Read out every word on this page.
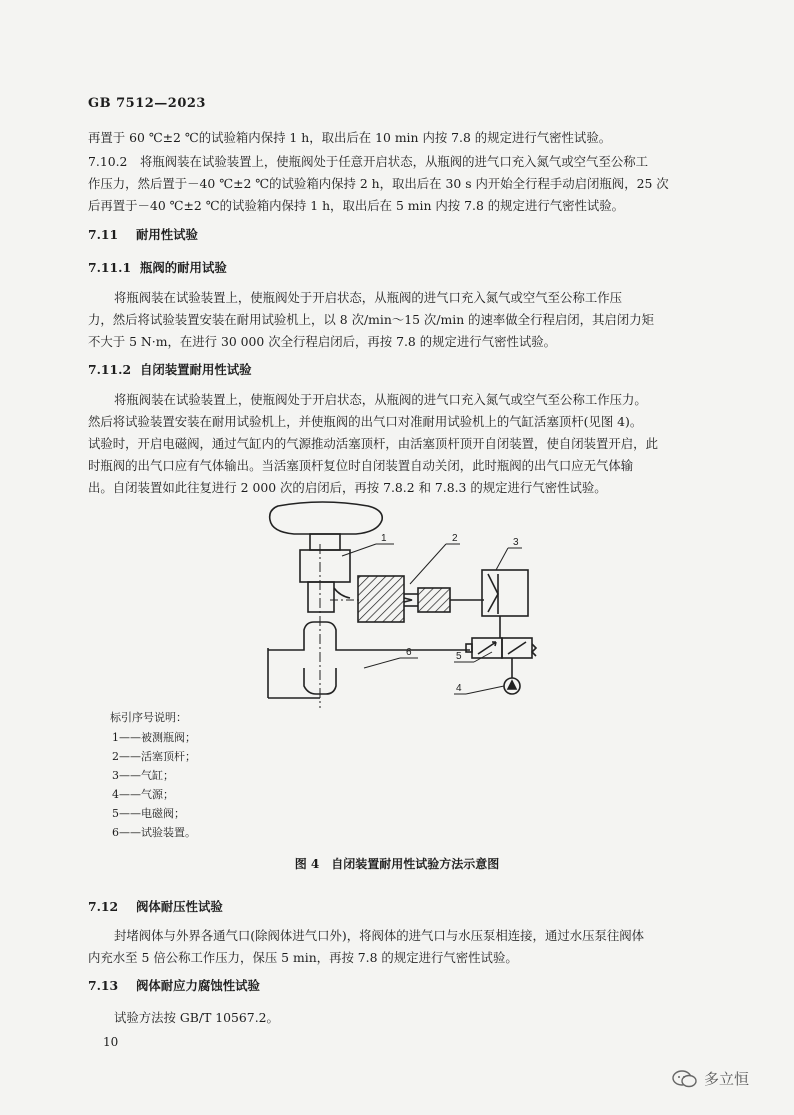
GB 7512—2023
再置于 60 ℃±2 ℃的试验箱内保持 1 h，取出后在 10 min 内按 7.8 的规定进行气密性试验。
7.10.2 将瓶阀装在试验装置上，使瓶阀处于任意开启状态，从瓶阀的进气口充入氮气或空气至公称工
作压力，然后置于－40 ℃±2 ℃的试验箱内保持 2 h，取出后在 30 s 内开始全行程手动启闭瓶阀，25 次
后再置于－40 ℃±2 ℃的试验箱内保持 1 h，取出后在 5 min 内按 7.8 的规定进行气密性试验。
7.11 耐用性试验
7.11.1 瓶阀的耐用试验
将瓶阀装在试验装置上，使瓶阀处于开启状态，从瓶阀的进气口充入氮气或空气至公称工作压
力，然后将试验装置安装在耐用试验机上，以 8 次/min～15 次/min 的速率做全行程启闭，其启闭力矩
不大于 5 N·m，在进行 30 000 次全行程启闭后，再按 7.8 的规定进行气密性试验。
7.11.2 自闭装置耐用性试验
将瓶阀装在试验装置上，使瓶阀处于开启状态，从瓶阀的进气口充入氮气或空气至公称工作压力。
然后将试验装置安装在耐用试验机上，并使瓶阀的出气口对准耐用试验机上的气缸活塞顶杆(见图 4)。
试验时，开启电磁阀，通过气缸内的气源推动活塞顶杆，由活塞顶杆顶开自闭装置，使自闭装置开启，此
时瓶阀的出气口应有气体输出。当活塞顶杆复位时自闭装置自动关闭，此时瓶阀的出气口应无气体输
出。自闭装置如此往复进行 2 000 次的启闭后，再按 7.8.2 和 7.8.3 的规定进行气密性试验。
1	2	3
4
5
6
标引序号说明：
1——被测瓶阀；
2——活塞顶杆；
3——气缸；
4——气源；
5——电磁阀；
6——试验装置。
图 4　自闭装置耐用性试验方法示意图
7.12 阀体耐压性试验
封堵阀体与外界各通气口(除阀体进气口外)，将阀体的进气口与水压泵相连接，通过水压泵往阀体
内充水至 5 倍公称工作压力，保压 5 min，再按 7.8 的规定进行气密性试验。
7.13 阀体耐应力腐蚀性试验
试验方法按 GB/T 10567.2。
10
多立恒
